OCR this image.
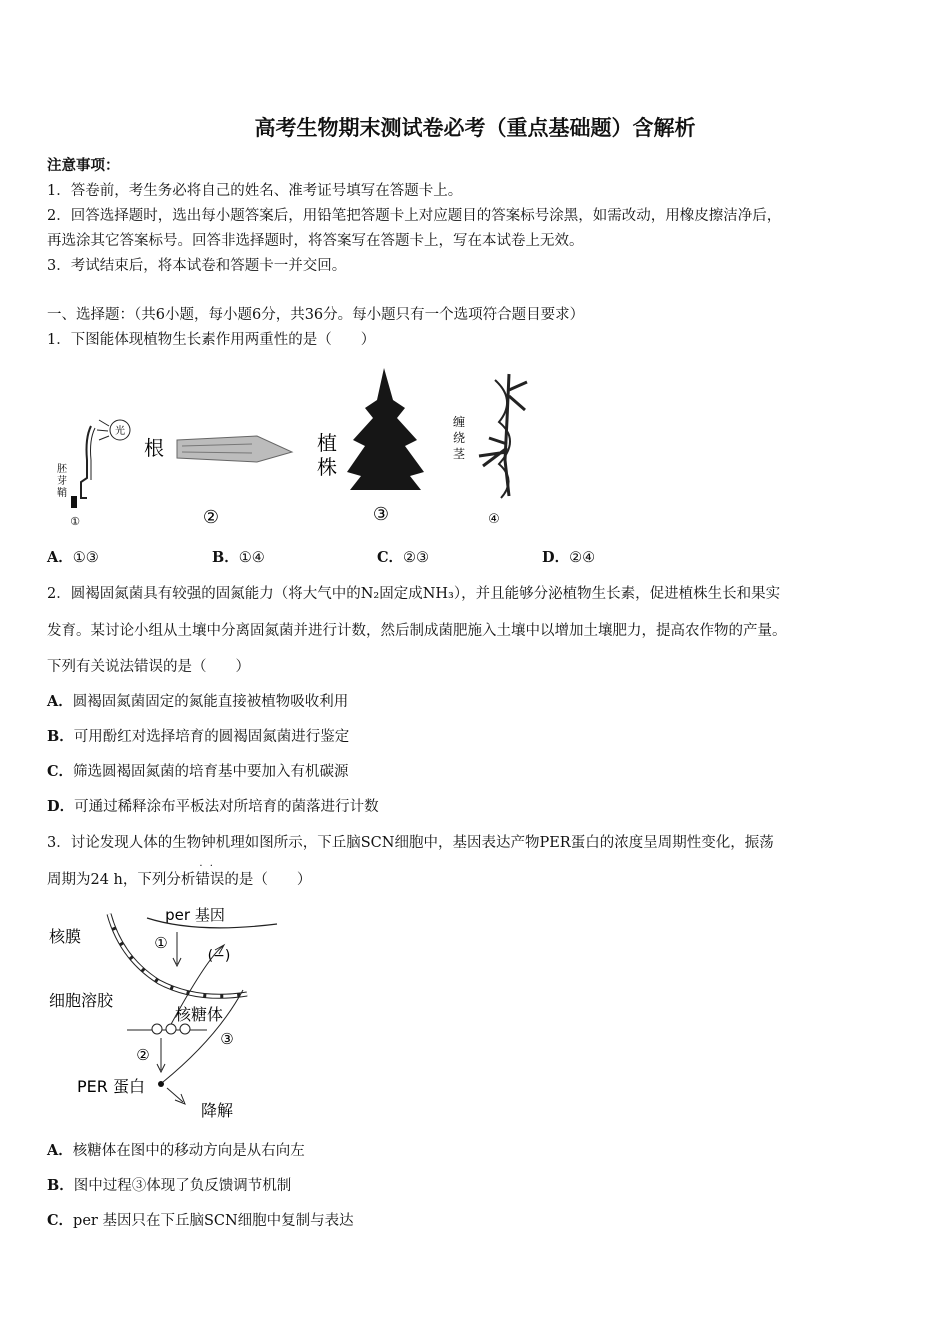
高考生物期末测试卷必考（重点基础题）含解析
注意事项：
1．答卷前，考生务必将自己的姓名、准考证号填写在答题卡上。
2．回答选择题时，选出每小题答案后，用铅笔把答题卡上对应题目的答案标号涂黑，如需改动，用橡皮擦洁净后，
再选涂其它答案标号。回答非选择题时，将答案写在答题卡上，写在本试卷上无效。
3．考试结束后，将本试卷和答题卡一并交回。
一、选择题：（共6小题，每小题6分，共36分。每小题只有一个选项符合题目要求）
1．下图能体现植物生长素作用两重性的是（　　）
光
胚
芽
鞘
①
根
②
植
株
③
缠
绕
茎
④
A．①③	B．①④	C．②③	D．②④
2．圆褐固氮菌具有较强的固氮能力（将大气中的N₂固定成NH₃），并且能够分泌植物生长素，促进植株生长和果实
发育。某讨论小组从土壤中分离固氮菌并进行计数，然后制成菌肥施入土壤中以增加土壤肥力，提高农作物的产量。
下列有关说法错误的是（　　）
A．圆褐固氮菌固定的氮能直接被植物吸收利用
B．可用酚红对选择培育的圆褐固氮菌进行鉴定
C．筛选圆褐固氮菌的培育基中要加入有机碳源
D．可通过稀释涂布平板法对所培育的菌落进行计数
3．讨论发现人体的生物钟机理如图所示，下丘脑SCN细胞中，基因表达产物PER蛋白的浓度呈周期性变化，振荡
周期为24 h，下列分析· · 错误的是（　　）
per 基因
核膜	①
(−)
细胞溶胶
核糖体
③
②
PER 蛋白
降解
A．核糖体在图中的移动方向是从右向左
B．图中过程③体现了负反馈调节机制
C．per 基因只在下丘脑SCN细胞中复制与表达
